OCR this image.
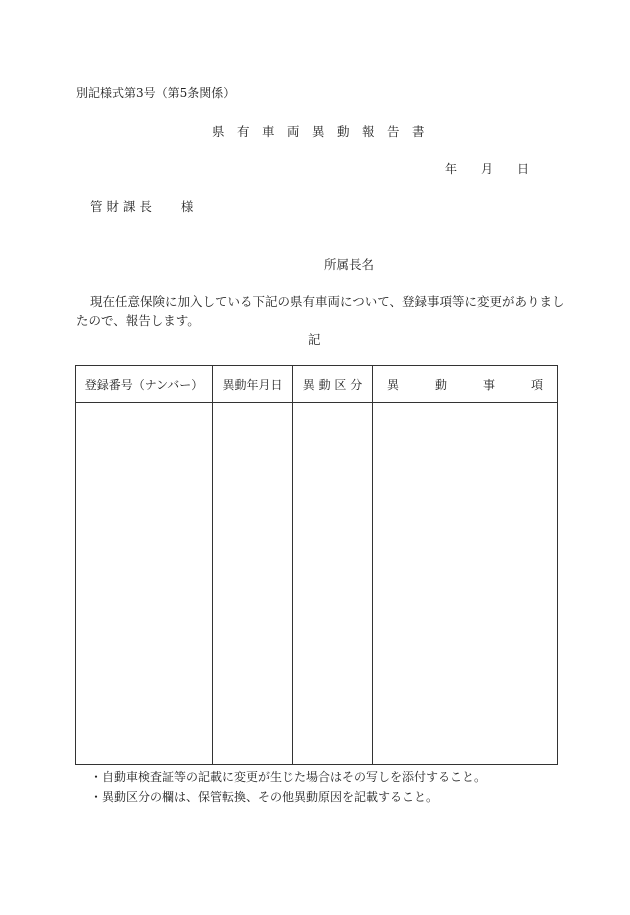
別記様式第3号（第5条関係）
県　有　車　両　異　動　報　告　書
年　　月　　日
管 財 課 長　　 様
所属長名
現在任意保険に加入している下記の県有車両について、登録事項等に変更がありまし
たので、報告します。
記
登録番号（ナンバー）	異動年月日	異 動 区 分	異　　　動　　　事　　　項

・自動車検査証等の記載に変更が生じた場合はその写しを添付すること。
・異動区分の欄は、保管転換、その他異動原因を記載すること。
